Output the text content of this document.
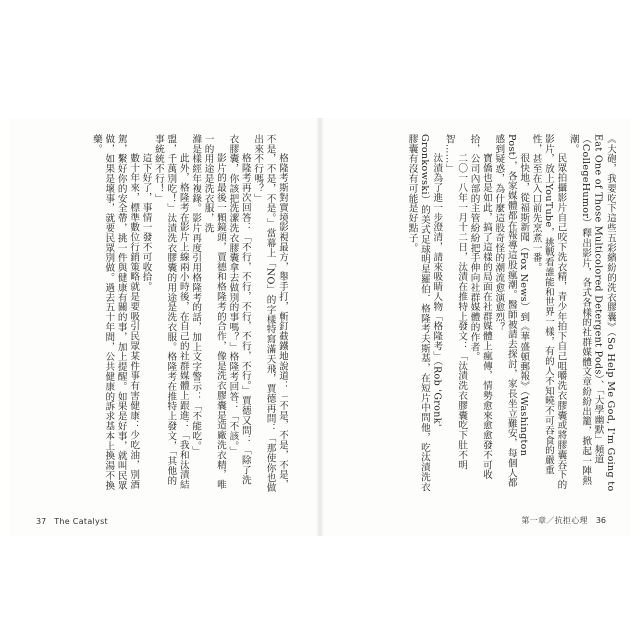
格隆考斯對實境影視最方，舉手打，斬釘截鐵地說道：「不是，不是，不是，不是，不是，不是。」當幕上「NO」的字樣特寫滿天飛，賈德再問：「那使你也做出來不行嗎？」

格隆考再次回答：「不行，不行，不行，不行，不行。」賈德又問：「除了洗衣膠囊，你該把洗潔洗衣膠囊拿去做別的事嗎？」格隆考回答：「不該。」

影片的最後一顆鏡頭，賈德和格隆考的合作，像是洗衣膠囊是造廠洗衣精，唯一的用途是洗衣服，洗

滌是樣經年複錄。影片再度引用格隆考的話，加上文字警示：「不能吃。」

此外，格隆考在影片上線兩小時後，在自己的社群媒體上跟進：「我和汰漬結盟，千萬別吃！」汰漬洗衣膠囊的用途是洗衣服。格隆考在推特上發文，「其他的事統統不行！」

這下好了，事情一發不可收拾。

數十年來，標準數位行銷策略就是要吸引民眾某件事有害健康：少吃油，別酒駕，繫好你的安全帶，挑一件與健康有關的事，加上提醒。如果是好事，就叫民眾做，如果是壞事，就要民眾別做。過去五十年間，公共健康的訴求基本上換湯不換藥。

37 The Catalyst

《大砲，我要吃下這些五彩繽紛的洗衣膠囊》（So Help Me God, I'm Going to Eat One of Those Multicolored Detergent Pods）、「大學幽默」頻道（CollegeHumor）釋出影片，各式各樣的社群媒體文章紛紛出籠，掀起一陣熱潮。

民眾拍攝影片自己咬下洗衣精，青少年拍下自己咀嚼洗衣膠囊或將膠囊吞下的影片，放上YouTube，挑戰看誰能和世界一樣，有的人不知曉不可吞食的嚴重性，甚至在入口前先烹煮一番。

很快地，從福斯新聞（Fox News）到《華盛頓郵報》（Washington Post），各家媒體都在報導這股瘋潮。醫師被請去探討，家長坐立難安，每個人都感到疑惑，為什麼這股奇怪的潮流愈演愈烈？

寶僑也是如此，搞了這樣的局面在社群媒體上瘋傳，情勢愈來愈愈發不可收拾，公司內部的主管紛紛把手伸向社群媒體的作者。

二〇一八年一月十二日，汰漬在推特上發文：「汰漬洗衣膠囊吃下肚不明智……」

汰漬為了進一步澄清，請來吸睛人物「格隆考」（Rob 'Gronk' Gronkowski）的美式足球明星羅伯．格隆考夫斯基，在短片中問他，吃汰漬洗衣膠囊有沒有可能是好點子。

第一章／抗拒心理 36
